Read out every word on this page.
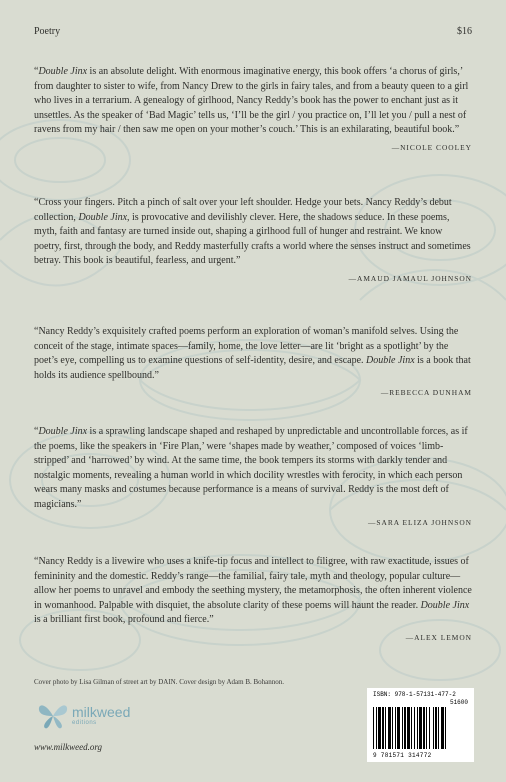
Poetry	$16

“Double Jinx is an absolute delight. With enormous imaginative energy, this book offers ‘a chorus of girls,’ from daughter to sister to wife, from Nancy Drew to the girls in fairy tales, and from a beauty queen to a girl who lives in a terrarium. A genealogy of girlhood, Nancy Reddy’s book has the power to enchant just as it unsettles. As the speaker of ‘Bad Magic’ tells us, ‘I’ll be the girl / you practice on, I’ll let you / pull a nest of ravens from my hair / then saw me open on your mother’s couch.’ This is an exhilarating, beautiful book.”

—NICOLE COOLEY

“Cross your fingers. Pitch a pinch of salt over your left shoulder. Hedge your bets. Nancy Reddy’s debut collection, Double Jinx, is provocative and devilishly clever. Here, the shadows seduce. In these poems, myth, faith and fantasy are turned inside out, shaping a girlhood full of hunger and restraint. We know poetry, first, through the body, and Reddy masterfully crafts a world where the senses instruct and sometimes betray. This book is beautiful, fearless, and urgent.”

—AMAUD JAMAUL JOHNSON

“Nancy Reddy’s exquisitely crafted poems perform an exploration of woman’s manifold selves. Using the conceit of the stage, intimate spaces—family, home, the love letter—are lit ‘bright as a spotlight’ by the poet’s eye, compelling us to examine questions of self-identity, desire, and escape. Double Jinx is a book that holds its audience spellbound.”

—REBECCA DUNHAM

“Double Jinx is a sprawling landscape shaped and reshaped by unpredictable and uncontrollable forces, as if the poems, like the speakers in ‘Fire Plan,’ were ‘shapes made by weather,’ composed of voices ‘limb-stripped’ and ‘harrowed’ by wind. At the same time, the book tempers its storms with darkly tender and nostalgic moments, revealing a human world in which docility wrestles with ferocity, in which each person wears many masks and costumes because performance is a means of survival. Reddy is the most deft of magicians.”

—SARA ELIZA JOHNSON

“Nancy Reddy is a livewire who uses a knife-tip focus and intellect to filigree, with raw exactitude, issues of femininity and the domestic. Reddy’s range—the familial, fairy tale, myth and theology, popular culture—allow her poems to unravel and embody the seething mystery, the metamorphosis, the often inherent violence in womanhood. Palpable with disquiet, the absolute clarity of these poems will haunt the reader. Double Jinx is a brilliant first book, profound and fierce.”

—ALEX LEMON
Cover photo by Lisa Gilman of street art by DAIN. Cover design by Adam B. Bohannon.
milkweed
editions
www.milkweed.org
ISBN: 978-1-57131-477-2
51600
9 781571 314772
